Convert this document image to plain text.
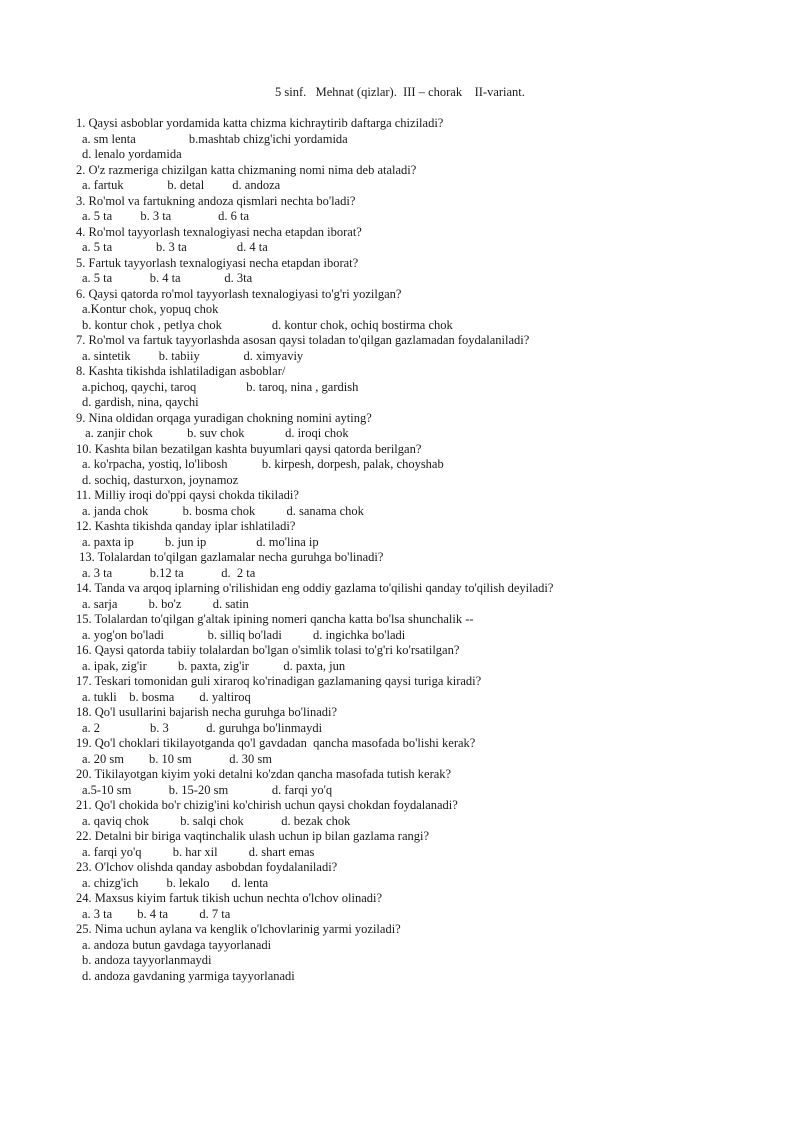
5 sinf.   Mehnat (qizlar).  III – chorak    II-variant.
1. Qaysi asboblar yordamida katta chizma kichraytirib daftarga chiziladi?
a. sm lenta                 b.mashtab chizg'ichi yordamida
d. lenalo yordamida
2. O'z razmeriga chizilgan katta chizmaning nomi nima deb ataladi?
a. fartuk              b. detal         d. andoza
3. Ro'mol va fartukning andoza qismlari nechta bo'ladi?
a. 5 ta         b. 3 ta               d. 6 ta
4. Ro'mol tayyorlash texnalogiyasi necha etapdan iborat?
a. 5 ta              b. 3 ta                d. 4 ta
5. Fartuk tayyorlash texnalogiyasi necha etapdan iborat?
a. 5 ta            b. 4 ta              d. 3ta
6. Qaysi qatorda ro'mol tayyorlash texnalogiyasi to'g'ri yozilgan?
a.Kontur chok, yopuq chok
b. kontur chok , petlya chok                d. kontur chok, ochiq bostirma chok
7. Ro'mol va fartuk tayyorlashda asosan qaysi toladan to'qilgan gazlamadan foydalaniladi?
a. sintetik         b. tabiiy              d. ximyaviy
8. Kashta tikishda ishlatiladigan asboblar/
a.pichoq, qaychi, taroq                b. taroq, nina , gardish
d. gardish, nina, qaychi
9. Nina oldidan orqaga yuradigan chokning nomini ayting?
a. zanjir chok           b. suv chok             d. iroqi chok
10. Kashta bilan bezatilgan kashta buyumlari qaysi qatorda berilgan?
a. ko'rpacha, yostiq, lo'libosh           b. kirpesh, dorpesh, palak, choyshab
d. sochiq, dasturxon, joynamoz
11. Milliy iroqi do'ppi qaysi chokda tikiladi?
a. janda chok           b. bosma chok          d. sanama chok
12. Kashta tikishda qanday iplar ishlatiladi?
a. paxta ip          b. jun ip                d. mo'lina ip
13. Tolalardan to'qilgan gazlamalar necha guruhga bo'linadi?
a. 3 ta            b.12 ta            d.  2 ta
14. Tanda va arqoq iplarning o'rilishidan eng oddiy gazlama to'qilishi qanday to'qilish deyiladi?
a. sarja          b. bo'z          d. satin
15. Tolalardan to'qilgan g'altak ipining nomeri qancha katta bo'lsa shunchalik --
a. yog'on bo'ladi              b. silliq bo'ladi          d. ingichka bo'ladi
16. Qaysi qatorda tabiiy tolalardan bo'lgan o'simlik tolasi to'g'ri ko'rsatilgan?
a. ipak, zig'ir          b. paxta, zig'ir           d. paxta, jun
17. Teskari tomonidan guli xiraroq ko'rinadigan gazlamaning qaysi turiga kiradi?
a. tukli    b. bosma        d. yaltiroq
18. Qo'l usullarini bajarish necha guruhga bo'linadi?
a. 2                b. 3            d. guruhga bo'linmaydi
19. Qo'l choklari tikilayotganda qo'l gavdadan  qancha masofada bo'lishi kerak?
a. 20 sm        b. 10 sm            d. 30 sm
20. Tikilayotgan kiyim yoki detalni ko'zdan qancha masofada tutish kerak?
a.5-10 sm            b. 15-20 sm              d. farqi yo'q
21. Qo'l chokida bo'r chizig'ini ko'chirish uchun qaysi chokdan foydalanadi?
a. qaviq chok          b. salqi chok            d. bezak chok
22. Detalni bir biriga vaqtinchalik ulash uchun ip bilan gazlama rangi?
a. farqi yo'q          b. har xil          d. shart emas
23. O'lchov olishda qanday asbobdan foydalaniladi?
a. chizg'ich         b. lekalo       d. lenta
24. Maxsus kiyim fartuk tikish uchun nechta o'lchov olinadi?
a. 3 ta        b. 4 ta          d. 7 ta
25. Nima uchun aylana va kenglik o'lchovlarinig yarmi yoziladi?
a. andoza butun gavdaga tayyorlanadi
b. andoza tayyorlanmaydi
d. andoza gavdaning yarmiga tayyorlanadi
